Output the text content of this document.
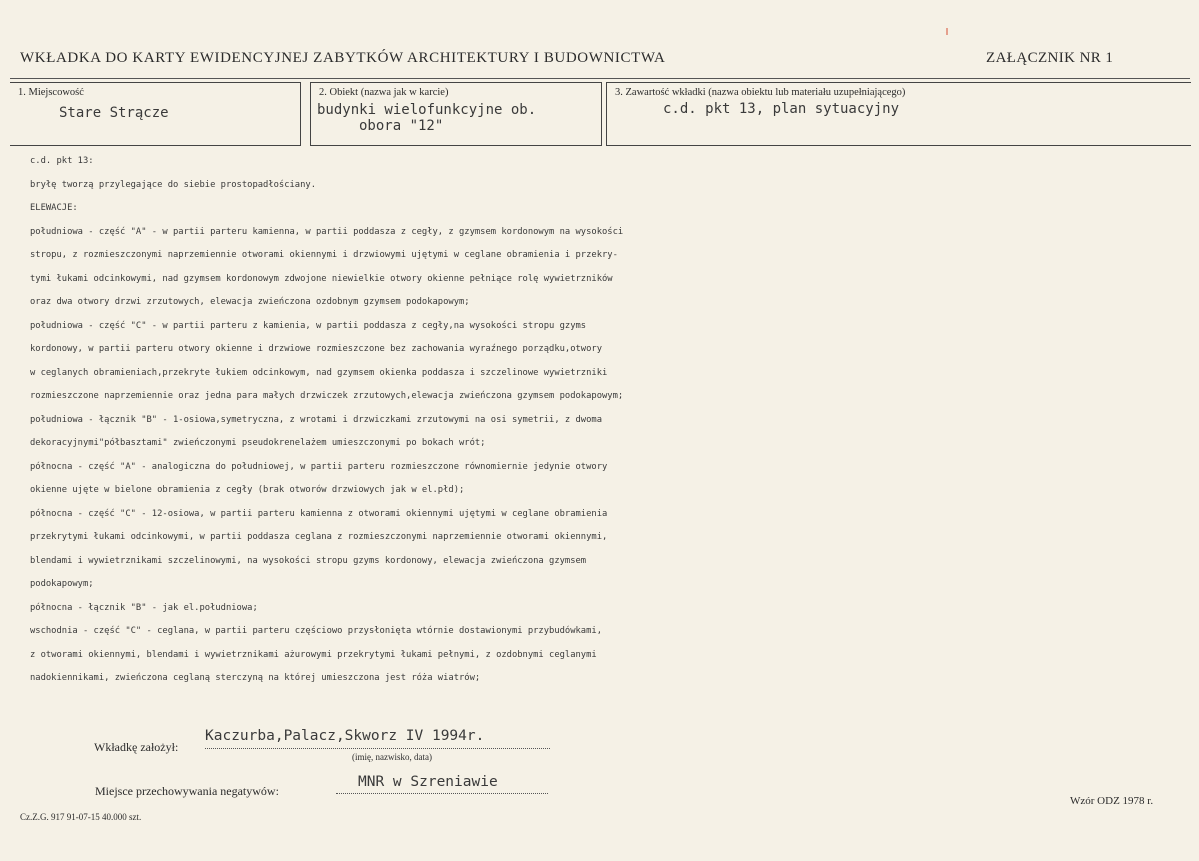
WKŁADKA DO KARTY EWIDENCYJNEJ ZABYTKÓW ARCHITEKTURY I BUDOWNICTWA	ZAŁĄCZNIK NR 1
1. Miejscowość
Stare Strącze
2. Obiekt (nazwa jak w karcie)
budynki wielofunkcyjne ob.
obora "12"
3. Zawartość wkładki (nazwa obiektu lub materiału uzupełniającego)
c.d. pkt 13, plan sytuacyjny
c.d. pkt 13:
bryłę tworzą przylegające do siebie prostopadłościany.
ELEWACJE:
południowa - część "A" - w partii parteru kamienna, w partii poddasza z cegły, z gzymsem kordonowym na wysokości
stropu, z rozmieszczonymi naprzemiennie otworami okiennymi i drzwiowymi ujętymi w ceglane obramienia i przekry-
tymi łukami odcinkowymi, nad gzymsem kordonowym zdwojone niewielkie otwory okienne pełniące rolę wywietrzników
oraz dwa otwory drzwi zrzutowych, elewacja zwieńczona ozdobnym gzymsem podokapowym;
południowa - część "C" - w partii parteru z kamienia, w partii poddasza z cegły,na wysokości stropu gzyms
kordonowy, w partii parteru otwory okienne i drzwiowe rozmieszczone bez zachowania wyraźnego porządku,otwory
w ceglanych obramieniach,przekryte łukiem odcinkowym, nad gzymsem okienka poddasza i szczelinowe wywietrzniki
rozmieszczone naprzemiennie oraz jedna para małych drzwiczek zrzutowych,elewacja zwieńczona gzymsem podokapowym;
południowa - łącznik "B" - 1-osiowa,symetryczna, z wrotami i drzwiczkami zrzutowymi na osi symetrii, z dwoma
dekoracyjnymi"półbasztami" zwieńczonymi pseudokrenelażem umieszczonymi po bokach wrót;
północna - część "A" - analogiczna do południowej, w partii parteru rozmieszczone równomiernie jedynie otwory
okienne ujęte w bielone obramienia z cegły (brak otworów drzwiowych jak w el.płd);
północna - część "C" - 12-osiowa, w partii parteru kamienna z otworami okiennymi ujętymi w ceglane obramienia
przekrytymi łukami odcinkowymi, w partii poddasza ceglana z rozmieszczonymi naprzemiennie otworami okiennymi,
blendami i wywietrznikami szczelinowymi, na wysokości stropu gzyms kordonowy, elewacja zwieńczona gzymsem
podokapowym;
północna - łącznik "B" - jak el.południowa;
wschodnia - część "C" - ceglana, w partii parteru częściowo przysłonięta wtórnie dostawionymi przybudówkami,
z otworami okiennymi, blendami i wywietrznikami ażurowymi przekrytymi łukami pełnymi, z ozdobnymi ceglanymi
nadokiennikami, zwieńczona ceglaną sterczyną na której umieszczona jest róża wiatrów;
Wkładkę założył:
Kaczurba,Palacz,Skworz IV 1994r.
(imię, nazwisko, data)
Miejsce przechowywania negatywów:
MNR w Szreniawie
Wzór ODZ 1978 r.
Cz.Z.G. 917 91-07-15 40.000 szt.
